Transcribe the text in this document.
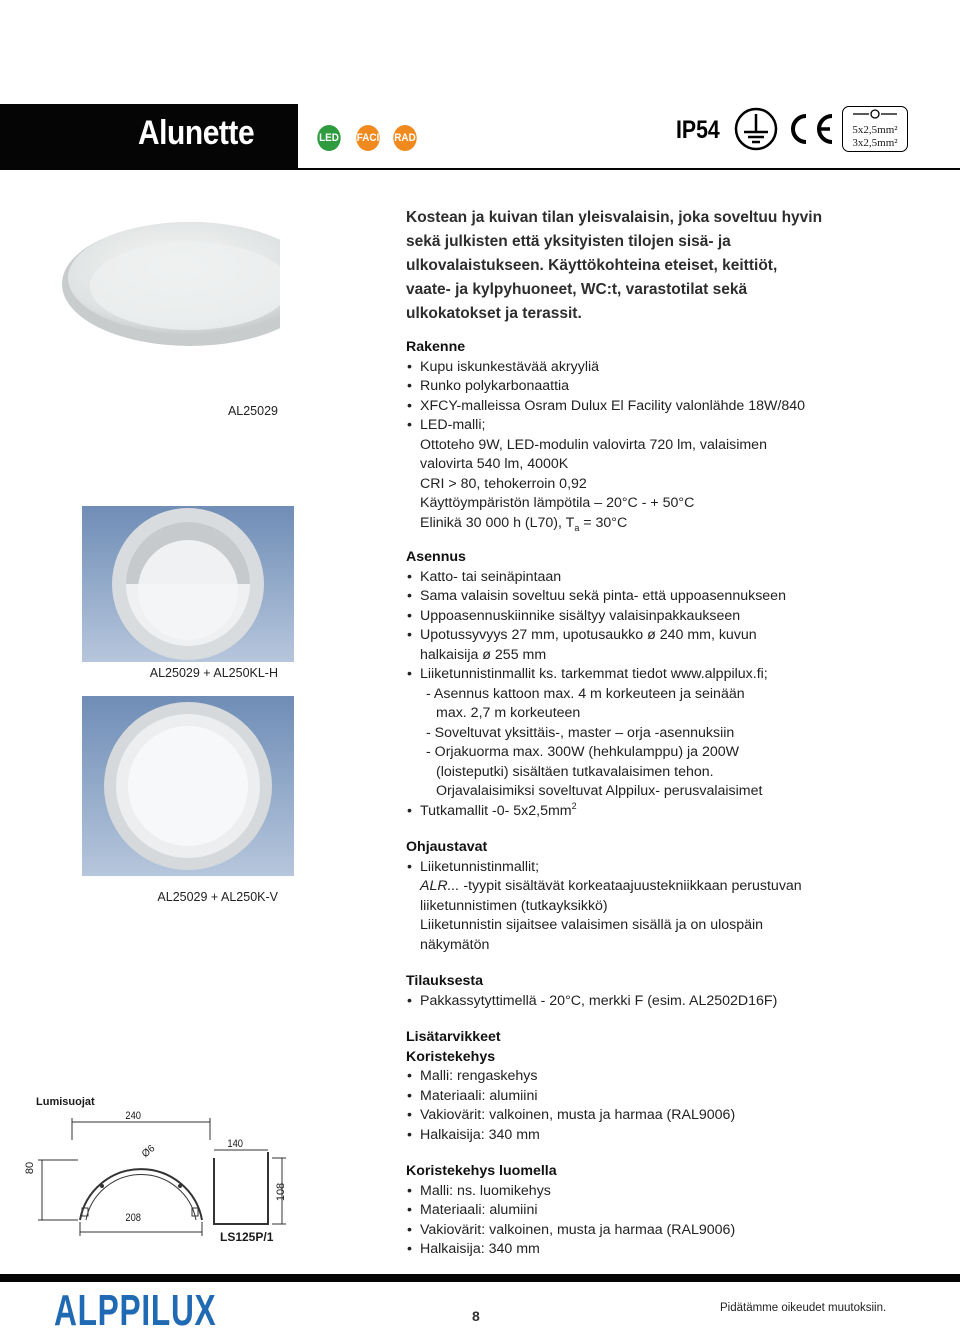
Alunette	LED FACI RAD	IP54	5x2,5mm²
3x2,5mm²
AL25029
AL25029 + AL250KL-H
AL25029 + AL250K-V
Kostean ja kuivan tilan yleisvalaisin, joka soveltuu hyvin sekä julkisten että yksityisten tilojen sisä- ja ulkovalaistukseen. Käyttökohteina eteiset, keittiöt, vaate- ja kylpyhuoneet, WC:t, varastotilat sekä ulkokatokset ja terassit.
Rakenne
• Kupu iskunkestävää akryyliä
• Runko polykarbonaattia
• XFCY-malleissa Osram Dulux El Facility valonlähde 18W/840
• LED-malli;
Ottoteho 9W, LED-modulin valovirta 720 lm, valaisimen
valovirta 540 lm, 4000K
CRI > 80, tehokerroin 0,92
Käyttöympäristön lämpötila – 20°C - + 50°C
Elinikä 30 000 h (L70), $T_a = 30^\circ C$
Asennus
• Katto- tai seinäpintaan
• Sama valaisin soveltuu sekä pinta- että uppoasennukseen
• Uppoasennuskiinnike sisältyy valaisinpakkaukseen
• Upotussyvyys 27 mm, upotusaukko ø 240 mm, kuvun
halkaisija ø 255 mm
• Liiketunnistinmallit ks. tarkemmat tiedot www.alppilux.fi;
- Asennus kattoon max. 4 m korkeuteen ja seinään
max. 2,7 m korkeuteen
- Soveltuvat yksittäis-, master – orja -asennuksiin
- Orjakuorma max. 300W (hehkulamppu) ja 200W
(loisteputki) sisältäen tutkavalaisimen tehon.
Orjavalaisimiksi soveltuvat Alppilux- perusvalaisimet
• Tutkamallit -0- $5x2,5mm^2$
Ohjaustavat
• Liiketunnistinmallit;
ALR... -tyypit sisältävät korkeataajuustekniikkaan perustuvan
liiketunnistimen (tutkayksikkö)
Liiketunnistin sijaitsee valaisimen sisällä ja on ulospäin
näkymätön
Tilauksesta
• Pakkassytyttimellä - 20°C, merkki F (esim. AL2502D16F)
Lisätarvikkeet
Koristekehys
• Malli: rengaskehys
• Materiaali: alumiini
• Vakiovärit: valkoinen, musta ja harmaa (RAL9006)
• Halkaisija: 340 mm
Koristekehys luomella
• Malli: ns. luomikehys
• Materiaali: alumiini
• Vakiovärit: valkoinen, musta ja harmaa (RAL9006)
• Halkaisija: 340 mm
Lumisuojat
240
140
80
108
208
Ø6
LS125P/1
ALPPILUX	8	Pidätämme oikeudet muutoksiin.
